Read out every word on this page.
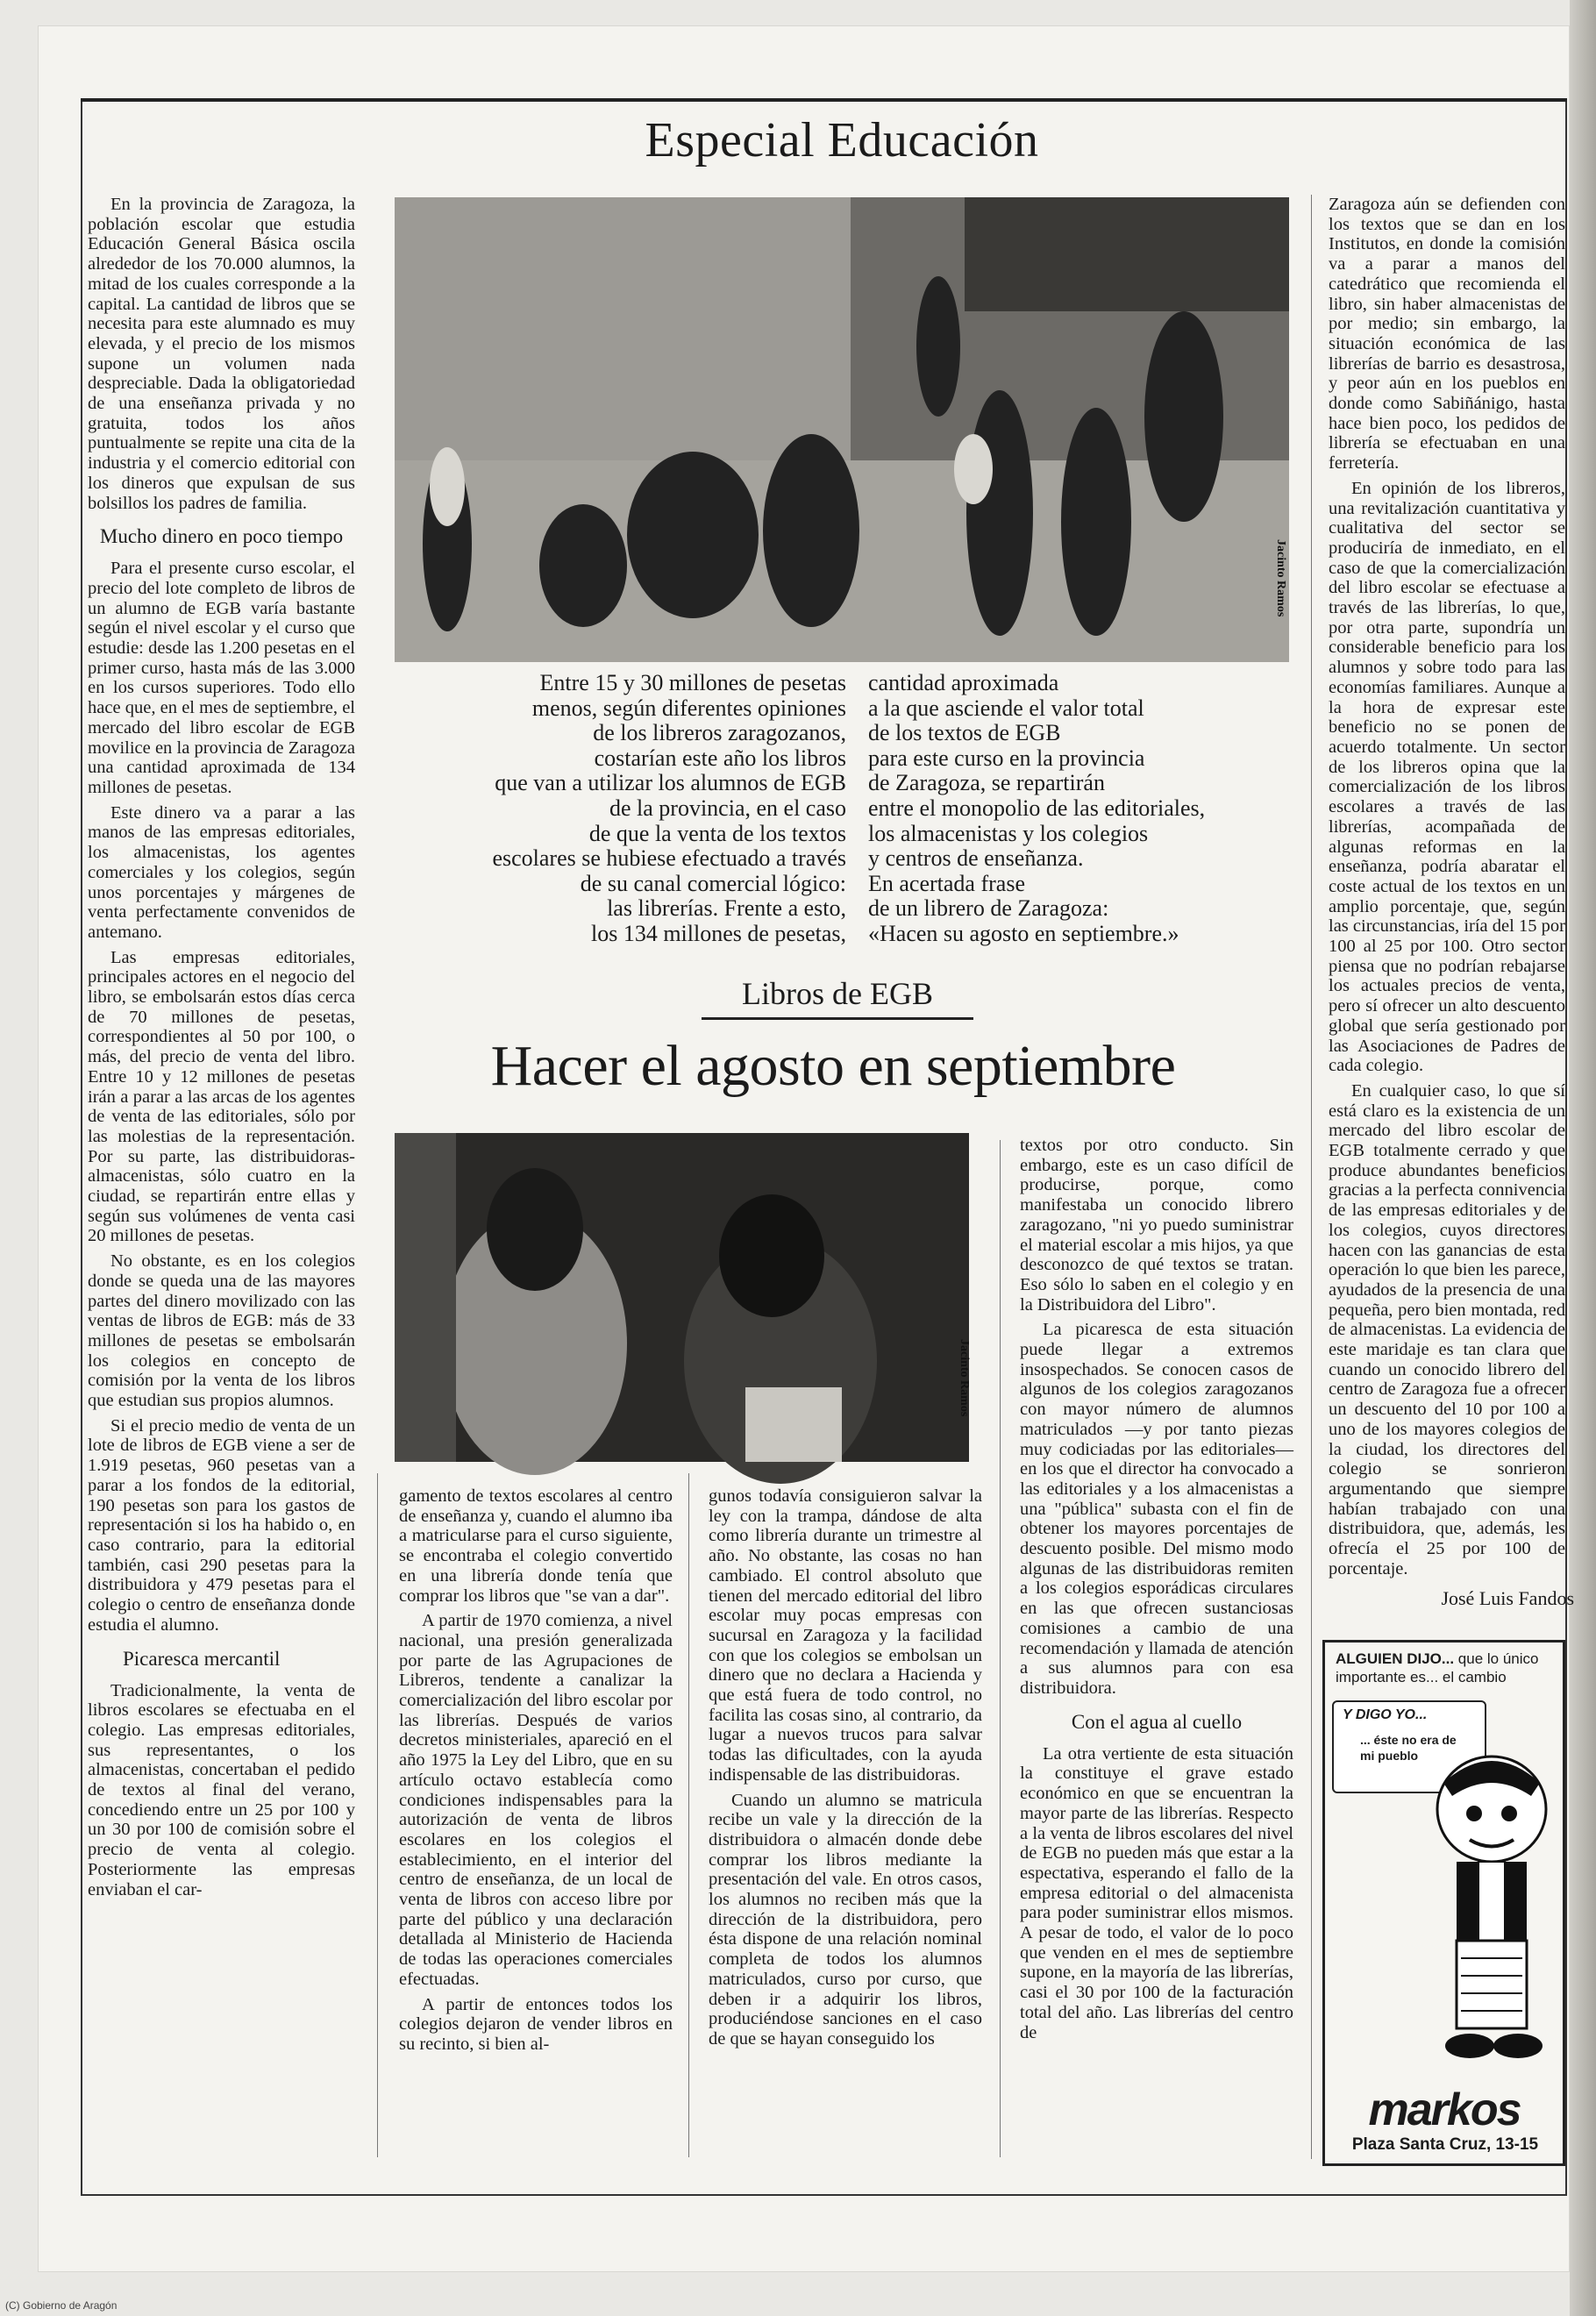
Especial Educación

En la provincia de Zaragoza, la población escolar que estudia Educación General Básica oscila alrededor de los 70.000 alumnos, la mitad de los cuales corresponde a la capital. La cantidad de libros que se necesita para este alumnado es muy elevada, y el precio de los mismos supone un volumen nada despreciable. Dada la obligatoriedad de una enseñanza privada y no gratuita, todos los años puntualmente se repite una cita de la industria y el comercio editorial con los dineros que expulsan de sus bolsillos los padres de familia.

Mucho dinero en poco tiempo

Para el presente curso escolar, el precio del lote completo de libros de un alumno de EGB varía bastante según el nivel escolar y el curso que estudie: desde las 1.200 pesetas en el primer curso, hasta más de las 3.000 en los cursos superiores. Todo ello hace que, en el mes de septiembre, el mercado del libro escolar de EGB movilice en la provincia de Zaragoza una cantidad aproximada de 134 millones de pesetas.

Este dinero va a parar a las manos de las empresas editoriales, los almacenistas, los agentes comerciales y los colegios, según unos porcentajes y márgenes de venta perfectamente convenidos de antemano.

Las empresas editoriales, principales actores en el negocio del libro, se embolsarán estos días cerca de 70 millones de pesetas, correspondientes al 50 por 100, o más, del precio de venta del libro. Entre 10 y 12 millones de pesetas irán a parar a las arcas de los agentes de venta de las editoriales, sólo por las molestias de la representación. Por su parte, las distribuidoras-almacenistas, sólo cuatro en la ciudad, se repartirán entre ellas y según sus volúmenes de venta casi 20 millones de pesetas.

No obstante, es en los colegios donde se queda una de las mayores partes del dinero movilizado con las ventas de libros de EGB: más de 33 millones de pesetas se embolsarán los colegios en concepto de comisión por la venta de los libros que estudian sus propios alumnos.

Si el precio medio de venta de un lote de libros de EGB viene a ser de 1.919 pesetas, 960 pesetas van a parar a los fondos de la editorial, 190 pesetas son para los gastos de representación si los ha habido o, en caso contrario, para la editorial también, casi 290 pesetas para la distribuidora y 479 pesetas para el colegio o centro de enseñanza donde estudia el alumno.

Picaresca mercantil

Tradicionalmente, la venta de libros escolares se efectuaba en el colegio. Las empresas editoriales, sus representantes, o los almacenistas, concertaban el pedido de textos al final del verano, concediendo entre un 25 por 100 y un 30 por 100 de comisión sobre el precio de venta al colegio. Posteriormente las empresas enviaban el car-

Jacinto Ramos
Entre 15 y 30 millones de pesetas
menos, según diferentes opiniones
de los libreros zaragozanos,
costarían este año los libros
que van a utilizar los alumnos de EGB
de la provincia, en el caso
de que la venta de los textos
escolares se hubiese efectuado a través
de su canal comercial lógico:
las librerías. Frente a esto,
los 134 millones de pesetas,
cantidad aproximada
a la que asciende el valor total
de los textos de EGB
para este curso en la provincia
de Zaragoza, se repartirán
entre el monopolio de las editoriales,
los almacenistas y los colegios
y centros de enseñanza.
En acertada frase
de un librero de Zaragoza:
«Hacen su agosto en septiembre.»
Libros de EGB
Hacer el agosto en septiembre
Jacinto Ramos

gamento de textos escolares al centro de enseñanza y, cuando el alumno iba a matricularse para el curso siguiente, se encontraba el colegio convertido en una librería donde tenía que comprar los libros que "se van a dar".

A partir de 1970 comienza, a nivel nacional, una presión generalizada por parte de las Agrupaciones de Libreros, tendente a canalizar la comercialización del libro escolar por las librerías. Después de varios decretos ministeriales, apareció en el año 1975 la Ley del Libro, que en su artículo octavo establecía como condiciones indispensables para la autorización de venta de libros escolares en los colegios el establecimiento, en el interior del centro de enseñanza, de un local de venta de libros con acceso libre por parte del público y una declaración detallada al Ministerio de Hacienda de todas las operaciones comerciales efectuadas.

A partir de entonces todos los colegios dejaron de vender libros en su recinto, si bien al-

gunos todavía consiguieron salvar la ley con la trampa, dándose de alta como librería durante un trimestre al año. No obstante, las cosas no han cambiado. El control absoluto que tienen del mercado editorial del libro escolar muy pocas empresas con sucursal en Zaragoza y la facilidad con que los colegios se embolsan un dinero que no declara a Hacienda y que está fuera de todo control, no facilita las cosas sino, al contrario, da lugar a nuevos trucos para salvar todas las dificultades, con la ayuda indispensable de las distribuidoras.

Cuando un alumno se matricula recibe un vale y la dirección de la distribuidora o almacén donde debe comprar los libros mediante la presentación del vale. En otros casos, los alumnos no reciben más que la dirección de la distribuidora, pero ésta dispone de una relación nominal completa de todos los alumnos matriculados, curso por curso, que deben ir a adquirir los libros, produciéndose sanciones en el caso de que se hayan conseguido los

textos por otro conducto. Sin embargo, este es un caso difícil de producirse, porque, como manifestaba un conocido librero zaragozano, "ni yo puedo suministrar el material escolar a mis hijos, ya que desconozco de qué textos se tratan. Eso sólo lo saben en el colegio y en la Distribuidora del Libro".

La picaresca de esta situación puede llegar a extremos insospechados. Se conocen casos de algunos de los colegios zaragozanos con mayor número de alumnos matriculados —y por tanto piezas muy codiciadas por las editoriales— en los que el director ha convocado a las editoriales y a los almacenistas a una "pública" subasta con el fin de obtener los mayores porcentajes de descuento posible. Del mismo modo algunas de las distribuidoras remiten a los colegios esporádicas circulares en las que ofrecen sustanciosas comisiones a cambio de una recomendación y llamada de atención a sus alumnos para con esa distribuidora.

Con el agua al cuello

La otra vertiente de esta situación la constituye el grave estado económico en que se encuentran la mayor parte de las librerías. Respecto a la venta de libros escolares del nivel de EGB no pueden más que estar a la espectativa, esperando el fallo de la empresa editorial o del almacenista para poder suministrar ellos mismos. A pesar de todo, el valor de lo poco que venden en el mes de septiembre supone, en la mayoría de las librerías, casi el 30 por 100 de la facturación total del año. Las librerías del centro de

Zaragoza aún se defienden con los textos que se dan en los Institutos, en donde la comisión va a parar a manos del catedrático que recomienda el libro, sin haber almacenistas de por medio; sin embargo, la situación económica de las librerías de barrio es desastrosa, y peor aún en los pueblos en donde como Sabiñánigo, hasta hace bien poco, los pedidos de librería se efectuaban en una ferretería.

En opinión de los libreros, una revitalización cuantitativa y cualitativa del sector se produciría de inmediato, en el caso de que la comercialización del libro escolar se efectuase a través de las librerías, lo que, por otra parte, supondría un considerable beneficio para los alumnos y sobre todo para las economías familiares. Aunque a la hora de expresar este beneficio no se ponen de acuerdo totalmente. Un sector de los libreros opina que la comercialización de los libros escolares a través de las librerías, acompañada de algunas reformas en la enseñanza, podría abaratar el coste actual de los textos en un amplio porcentaje, que, según las circunstancias, iría del 15 por 100 al 25 por 100. Otro sector piensa que no podrían rebajarse los actuales precios de venta, pero sí ofrecer un alto descuento global que sería gestionado por las Asociaciones de Padres de cada colegio.

En cualquier caso, lo que sí está claro es la existencia de un mercado del libro escolar de EGB totalmente cerrado y que produce abundantes beneficios gracias a la perfecta connivencia de las empresas editoriales y de los colegios, cuyos directores hacen con las ganancias de esta operación lo que bien les parece, ayudados de la presencia de una pequeña, pero bien montada, red de almacenistas. La evidencia de este maridaje es tan clara que cuando un conocido librero del centro de Zaragoza fue a ofrecer un descuento del 10 por 100 a uno de los mayores colegios de la ciudad, los directores del colegio se sonrieron argumentando que siempre habían trabajado con una distribuidora, que, además, les ofrecía el 25 por 100 de porcentaje.

José Luis Fandos
ALGUIEN DIJO... que lo único importante es... el cambio
Y DIGO YO...
... éste no era de mi pueblo
markos
Plaza Santa Cruz, 13-15
(C) Gobierno de Aragón
